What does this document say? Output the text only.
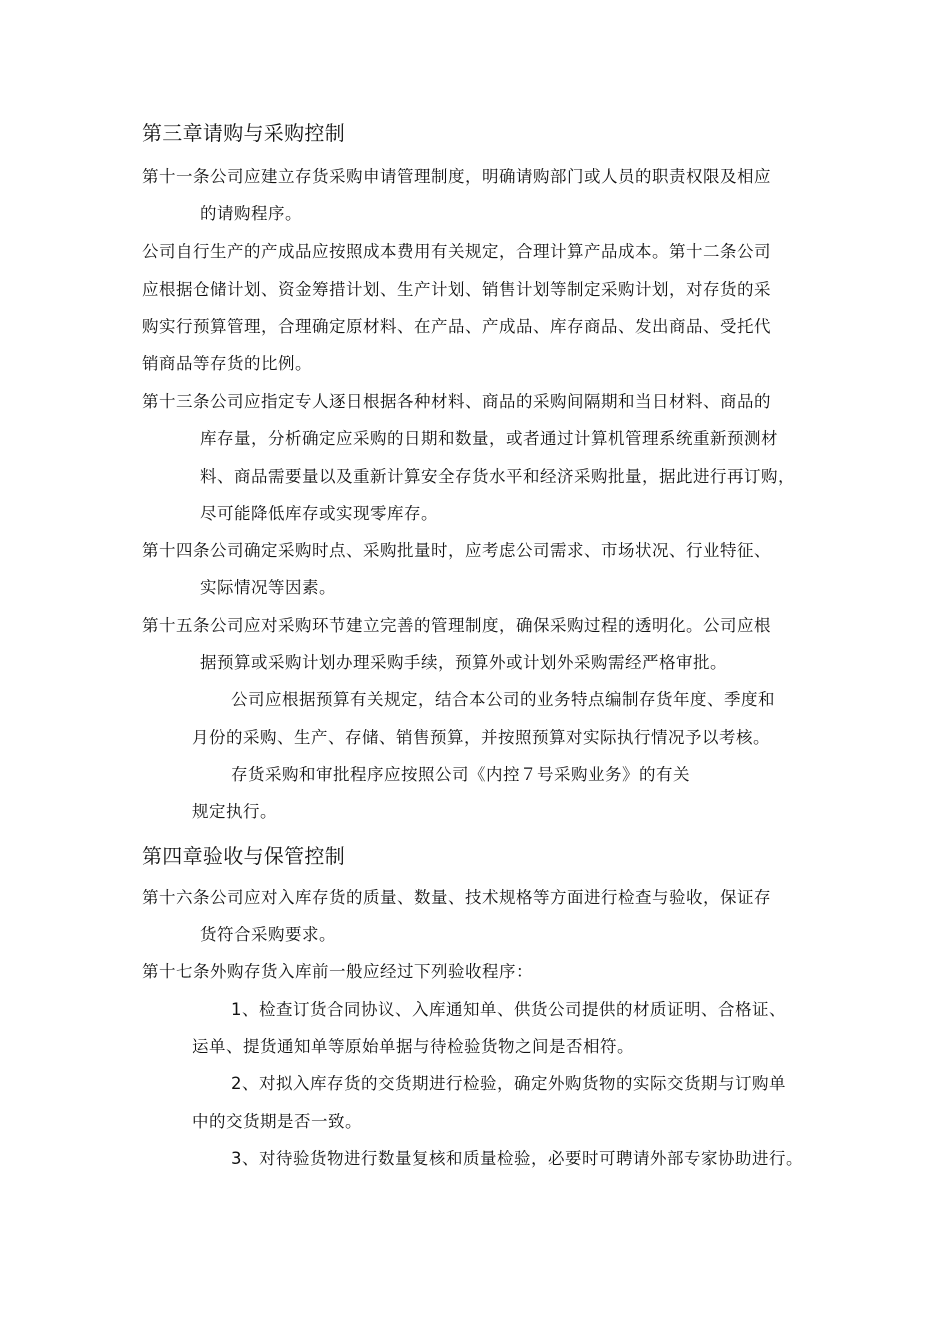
第三章请购与采购控制
第十一条公司应建立存货采购申请管理制度，明确请购部门或人员的职责权限及相应
的请购程序。
公司自行生产的产成品应按照成本费用有关规定，合理计算产品成本。第十二条公司
应根据仓储计划、资金筹措计划、生产计划、销售计划等制定采购计划，对存货的采
购实行预算管理，合理确定原材料、在产品、产成品、库存商品、发出商品、受托代
销商品等存货的比例。
第十三条公司应指定专人逐日根据各种材料、商品的采购间隔期和当日材料、商品的
库存量，分析确定应采购的日期和数量，或者通过计算机管理系统重新预测材
料、商品需要量以及重新计算安全存货水平和经济采购批量，据此进行再订购，
尽可能降低库存或实现零库存。
第十四条公司确定采购时点、采购批量时，应考虑公司需求、市场状况、行业特征、
实际情况等因素。
第十五条公司应对采购环节建立完善的管理制度，确保采购过程的透明化。公司应根
据预算或采购计划办理采购手续，预算外或计划外采购需经严格审批。
公司应根据预算有关规定，结合本公司的业务特点编制存货年度、季度和
月份的采购、生产、存储、销售预算，并按照预算对实际执行情况予以考核。
存货采购和审批程序应按照公司《内控７号采购业务》的有关
规定执行。
第四章验收与保管控制
第十六条公司应对入库存货的质量、数量、技术规格等方面进行检查与验收，保证存
货符合采购要求。
第十七条外购存货入库前一般应经过下列验收程序：
1、检查订货合同协议、入库通知单、供货公司提供的材质证明、合格证、
运单、提货通知单等原始单据与待检验货物之间是否相符。
2、对拟入库存货的交货期进行检验，确定外购货物的实际交货期与订购单
中的交货期是否一致。
3、对待验货物进行数量复核和质量检验，必要时可聘请外部专家协助进行。
